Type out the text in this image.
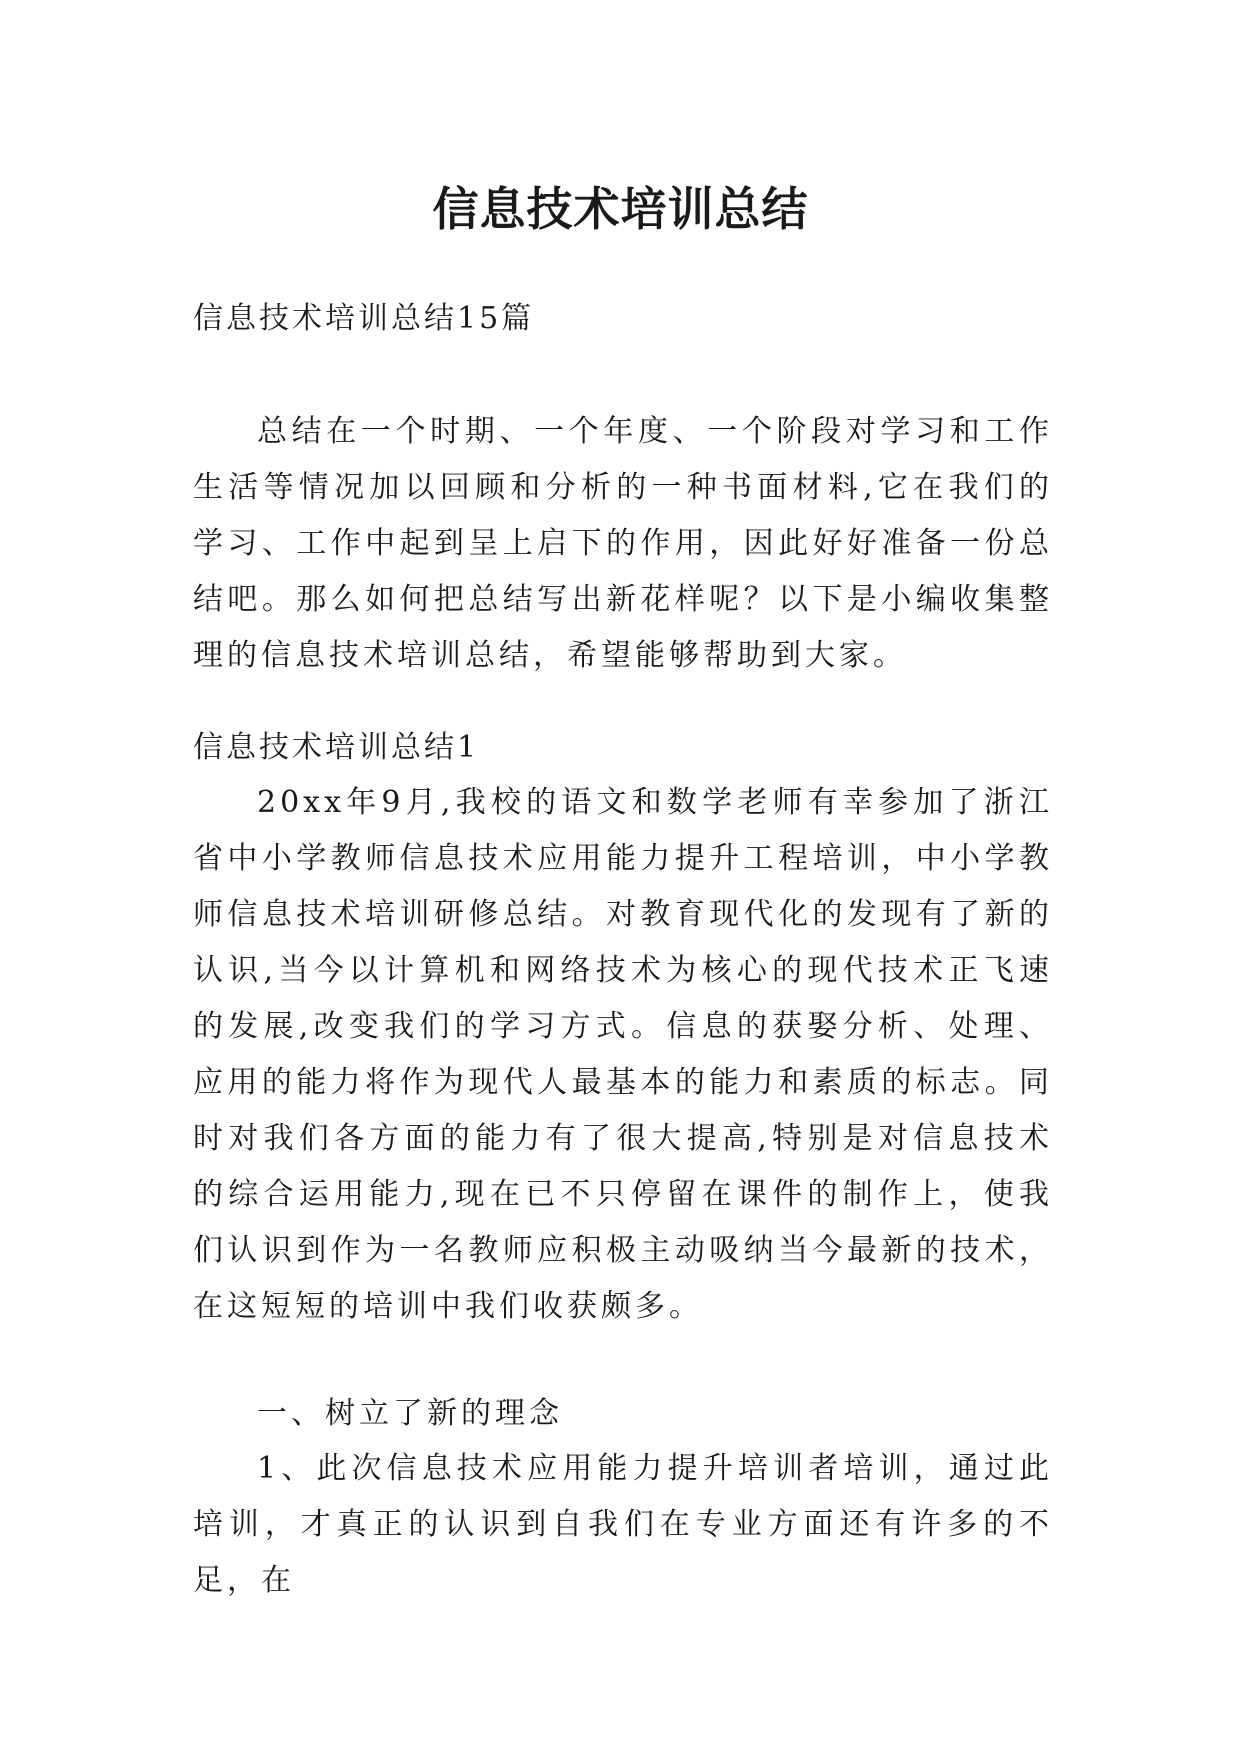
信息技术培训总结

信息技术培训总结15篇

总结在一个时期、一个年度、一个阶段对学习和工作生活等情况加以回顾和分析的一种书面材料,它在我们的学习、工作中起到呈上启下的作用，因此好好准备一份总结吧。那么如何把总结写出新花样呢？以下是小编收集整理的信息技术培训总结，希望能够帮助到大家。

信息技术培训总结1

20xx年9月,我校的语文和数学老师有幸参加了浙江省中小学教师信息技术应用能力提升工程培训，中小学教师信息技术培训研修总结。对教育现代化的发现有了新的认识,当今以计算机和网络技术为核心的现代技术正飞速的发展,改变我们的学习方式。信息的获娶分析、处理、应用的能力将作为现代人最基本的能力和素质的标志。同时对我们各方面的能力有了很大提高,特别是对信息技术的综合运用能力,现在已不只停留在课件的制作上，使我们认识到作为一名教师应积极主动吸纳当今最新的技术，在这短短的培训中我们收获颇多。

一、树立了新的理念

1、此次信息技术应用能力提升培训者培训，通过此培训，才真正的认识到自我们在专业方面还有许多的不足，在
